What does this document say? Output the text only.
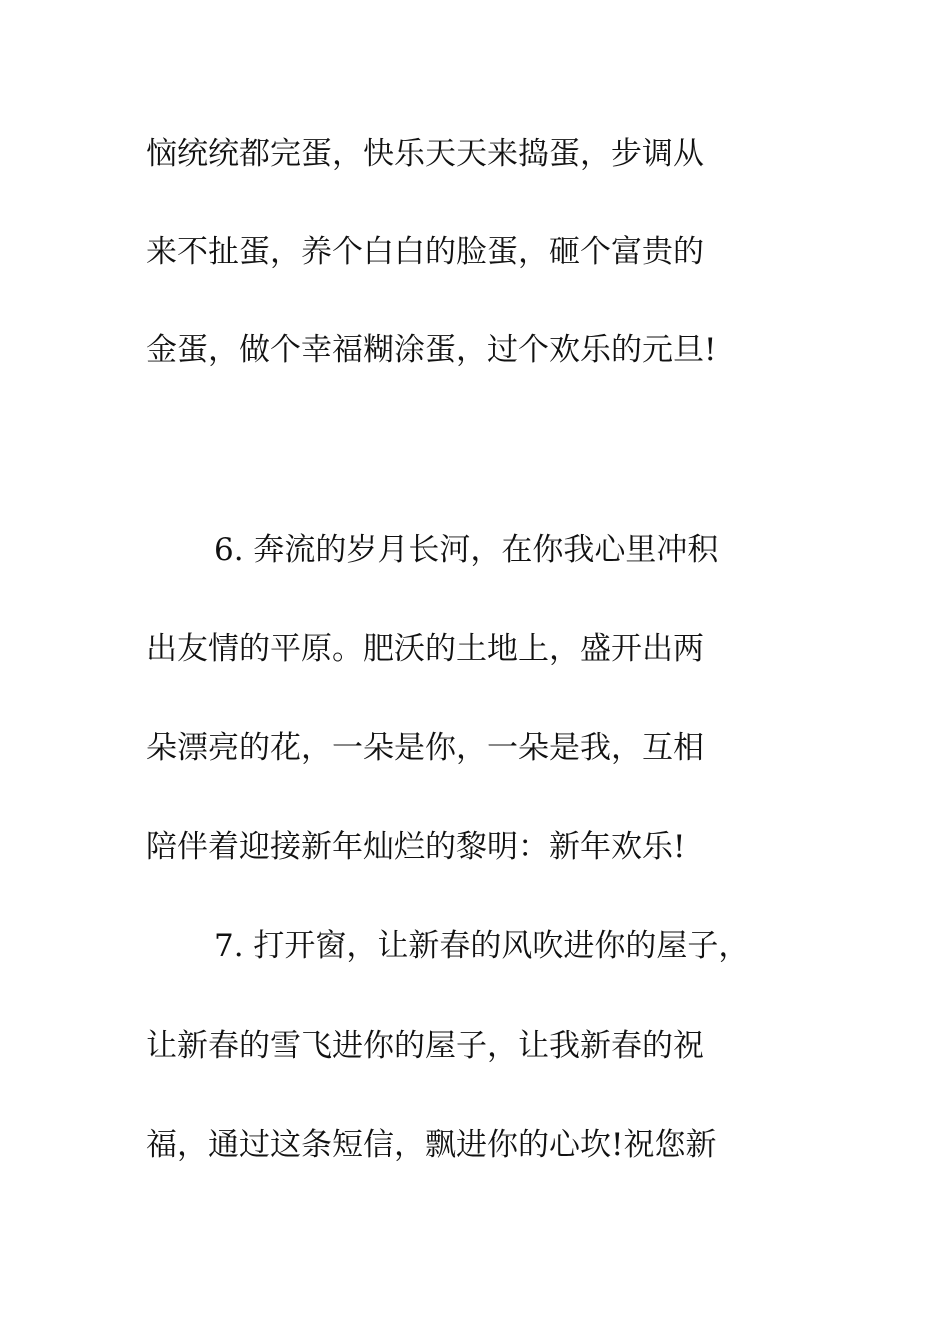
恼统统都完蛋，快乐天天来捣蛋，步调从
来不扯蛋，养个白白的脸蛋，砸个富贵的
金蛋，做个幸福糊涂蛋，过个欢乐的元旦!
6. 奔流的岁月长河，在你我心里冲积
出友情的平原。肥沃的土地上，盛开出两
朵漂亮的花，一朵是你，一朵是我，互相
陪伴着迎接新年灿烂的黎明：新年欢乐!
7. 打开窗，让新春的风吹进你的屋子，
让新春的雪飞进你的屋子，让我新春的祝
福，通过这条短信，飘进你的心坎!祝您新
